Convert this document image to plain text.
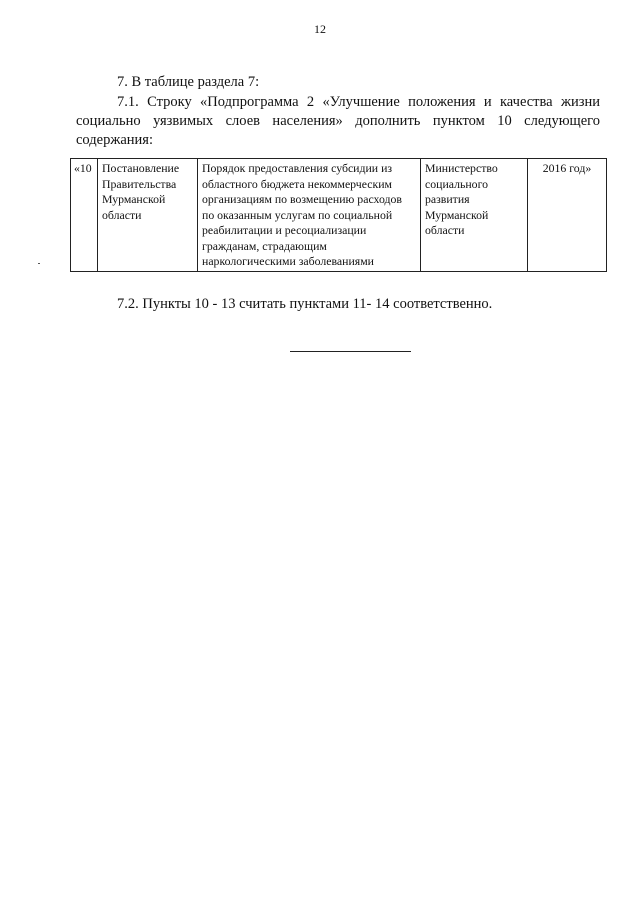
12
7. В таблице раздела 7:
7.1. Строку «Подпрограмма 2 «Улучшение положения и качества жизни социально уязвимых слоев населения» дополнить пунктом 10 следующего содержания:
«10	Постановление Правительства Мурманской области	Порядок предоставления субсидии из областного бюджета некоммерческим организациям по возмещению расходов по оказанным услугам по социальной реабилитации и ресоциализации гражданам, страдающим наркологическими заболеваниями	Министерство социального развития Мурманской области	2016 год»
7.2. Пункты 10 - 13 считать пунктами 11- 14 соответственно.
